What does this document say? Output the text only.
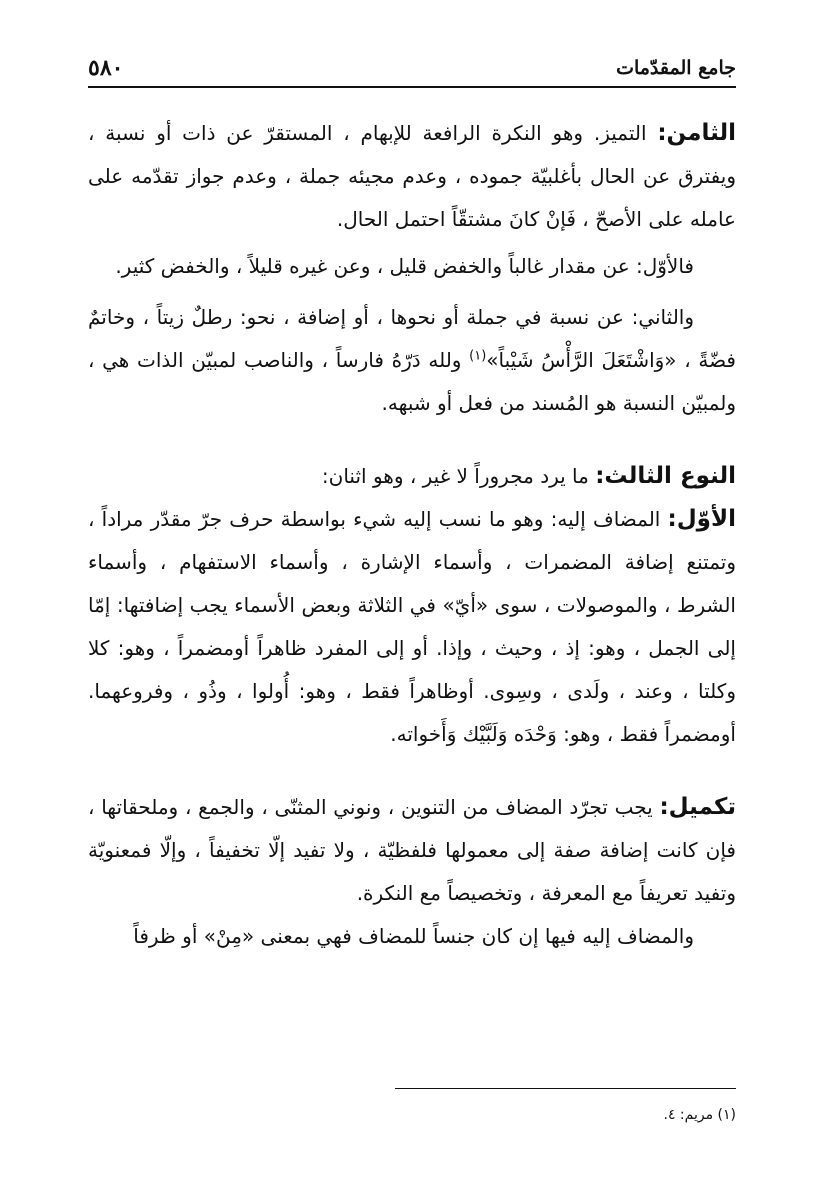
٥٨٠	جامع المقدّمات

الثامن: التميز. وهو النكرة الرافعة للإبهام ، المستقرّ عن ذات أو نسبة ، ويفترق عن الحال بأغلبيّة جموده ، وعدم مجيئه جملة ، وعدم جواز تقدّمه على عامله على الأصحّ ، فَإنْ كانَ مشتقّاً احتمل الحال.

فالأوّل: عن مقدار غالباً والخفض قليل ، وعن غيره قليلاً ، والخفض كثير.

والثاني: عن نسبة في جملة أو نحوها ، أو إضافة ، نحو: رطلٌ زيتاً ، وخاتمٌ فضّةً ، «وَاشْتَعَلَ الرَّأْسُ شَيْباً»$^{(١)}$ ولله دَرّهُ فارساً ، والناصب لمبيّن الذات هي ، ولمبيّن النسبة هو المُسند من فعل أو شبهه.

النوع الثالث: ما يرد مجروراً لا غير ، وهو اثنان:

الأوّل: المضاف إليه: وهو ما نسب إليه شيء بواسطة حرف جرّ مقدّر مراداً ، وتمتنع إضافة المضمرات ، وأسماء الإشارة ، وأسماء الاستفهام ، وأسماء الشرط ، والموصولات ، سوى «أيّ» في الثلاثة وبعض الأسماء يجب إضافتها: إمّا إلى الجمل ، وهو: إذ ، وحيث ، وإذا. أو إلى المفرد ظاهراً أومضمراً ، وهو: كلا وكلتا ، وعند ، ولَدى ، وسِوى. أوظاهراً فقط ، وهو: أُولوا ، وذُو ، وفروعهما. أومضمراً فقط ، وهو: وَحْدَه وَلَبَّيْك وَأَخواته.

تكميل: يجب تجرّد المضاف من التنوين ، ونوني المثنّى ، والجمع ، وملحقاتها ، فإن كانت إضافة صفة إلى معمولها فلفظيّة ، ولا تفيد إلّا تخفيفاً ، وإلّا فمعنويّة وتفيد تعريفاً مع المعرفة ، وتخصيصاً مع النكرة.

والمضاف إليه فيها إن كان جنساً للمضاف فهي بمعنى «مِنْ» أو ظرفاً

(١) مريم: ٤.
